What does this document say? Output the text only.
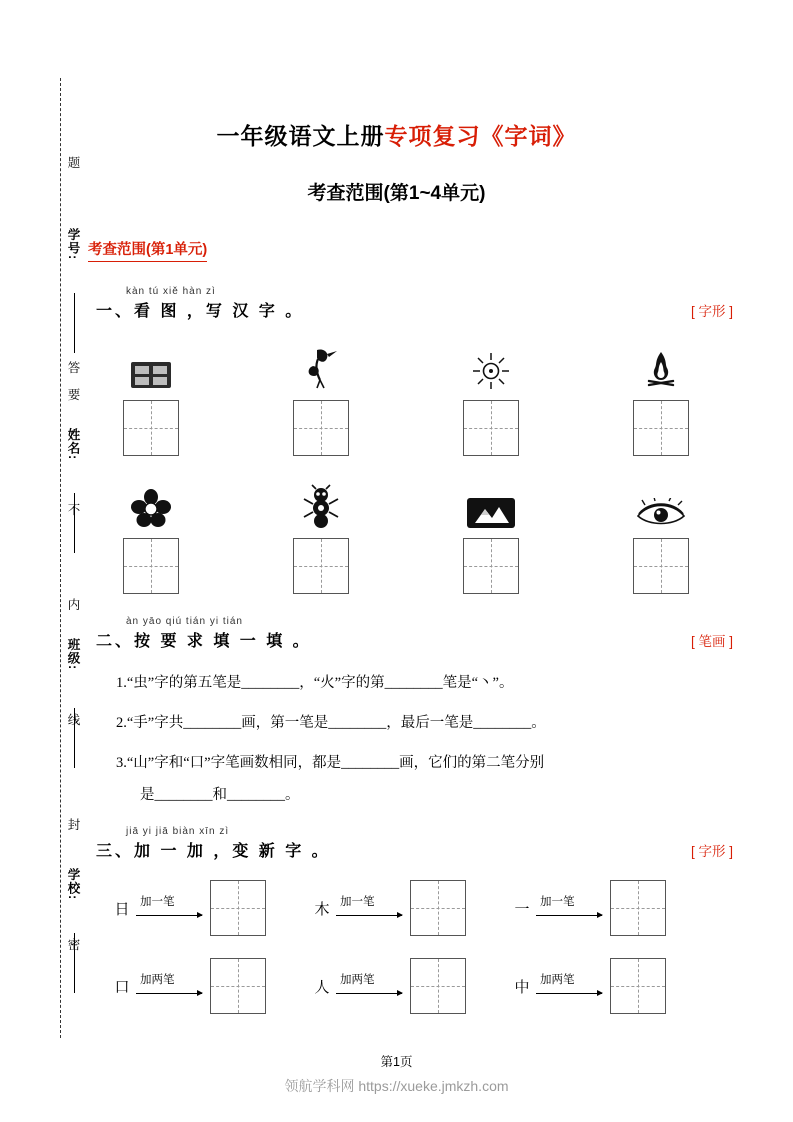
题
学号:
答
要
姓名:
不
内
班级:
线
封
学校:
密
一年级语文上册专项复习《字词》
考查范围(第1~4单元)
考查范围(第1单元)
kàn tú xiě hàn zì
一、看 图 ，写 汉 字 。	[ 字形 ]
àn yāo qiú tián yi tián
二、按 要 求 填 一 填 。	[ 笔画 ]
1.“虫”字的第五笔是________，“火”字的第________笔是“丶”。
2.“手”字共________画，第一笔是________，最后一笔是________。
3.“山”字和“口”字笔画数相同，都是________画，它们的第二笔分别
是________和________。
jiā yi jiā biàn xīn zì
三、加 一 加 ，变 新 字 。	[ 字形 ]
日 加一笔	木 加一笔	一 加一笔
口 加两笔	人 加两笔	中 加两笔
第1页
领航学科网 https://xueke.jmkzh.com
